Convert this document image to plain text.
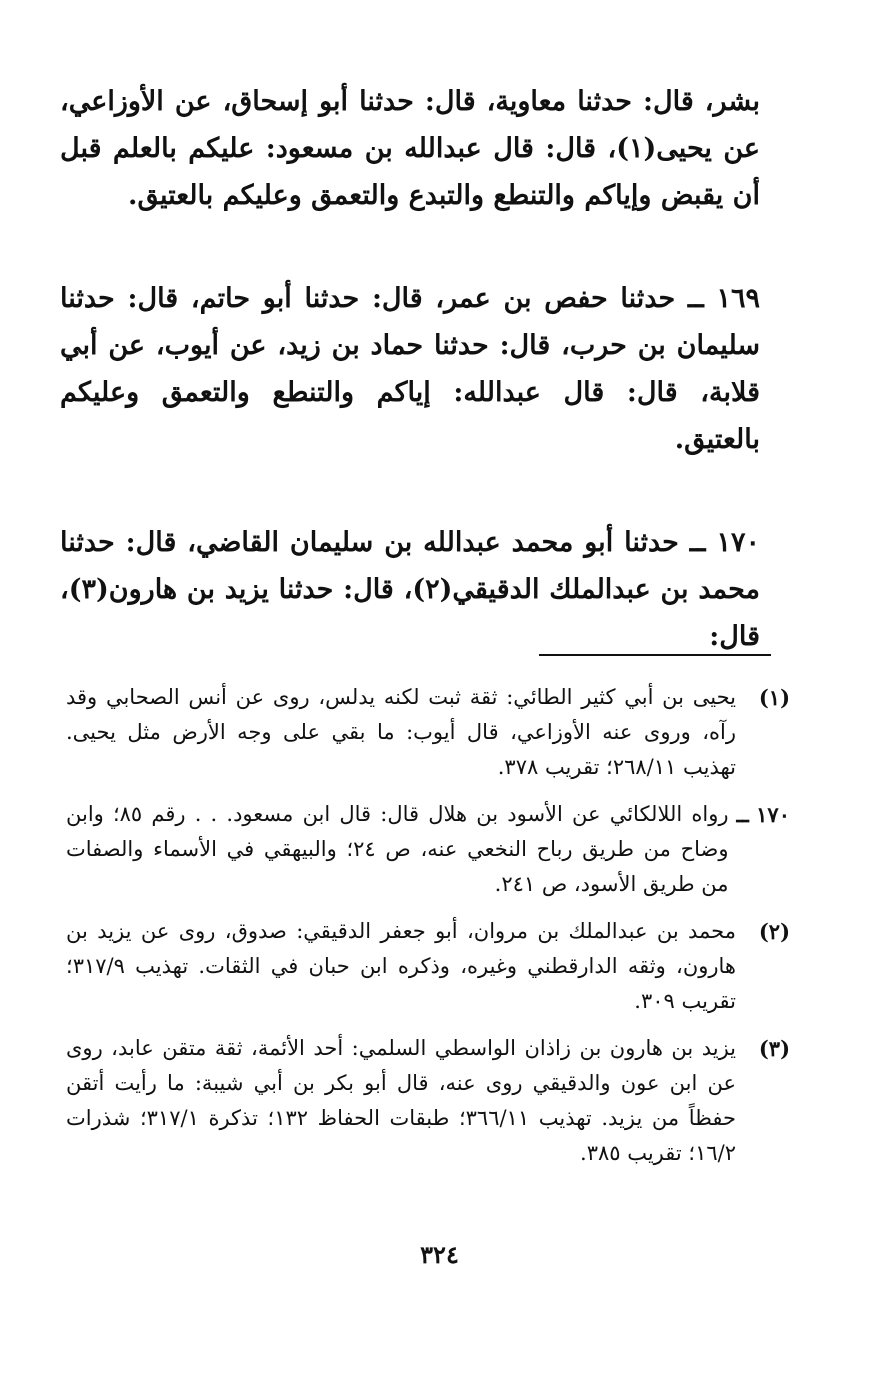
بشر، قال: حدثنا معاوية، قال: حدثنا أبو إسحاق، عن الأوزاعي، عن يحيى(١)، قال: قال عبدالله بن مسعود: عليكم بالعلم قبل أن يقبض وإياكم والتنطع والتبدع والتعمق وعليكم بالعتيق.

١٦٩ ــ حدثنا حفص بن عمر، قال: حدثنا أبو حاتم، قال: حدثنا سليمان بن حرب، قال: حدثنا حماد بن زيد، عن أيوب، عن أبي قلابة، قال: قال عبدالله: إياكم والتنطع والتعمق وعليكم بالعتيق.

١٧٠ ــ حدثنا أبو محمد عبدالله بن سليمان القاضي، قال: حدثنا محمد بن عبدالملك الدقيقي(٢)، قال: حدثنا يزيد بن هارون(٣)، قال:

(١)
يحيى بن أبي كثير الطائي: ثقة ثبت لكنه يدلس، روى عن أنس الصحابي وقد رآه، وروى عنه الأوزاعي، قال أيوب: ما بقي على وجه الأرض مثل يحيى. تهذيب ٢٦٨/١١؛ تقريب ٣٧٨.
١٧٠ ــ
رواه اللالكائي عن الأسود بن هلال قال: قال ابن مسعود. . . رقم ٨٥؛ وابن وضاح من طريق رباح النخعي عنه، ص ٢٤؛ والبيهقي في الأسماء والصفات من طريق الأسود، ص ٢٤١.
(٢)
محمد بن عبدالملك بن مروان، أبو جعفر الدقيقي: صدوق، روى عن يزيد بن هارون، وثقه الدارقطني وغيره، وذكره ابن حبان في الثقات. تهذيب ٣١٧/٩؛ تقريب ٣٠٩.
(٣)
يزيد بن هارون بن زاذان الواسطي السلمي: أحد الأئمة، ثقة متقن عابد، روى عن ابن عون والدقيقي روى عنه، قال أبو بكر بن أبي شيبة: ما رأيت أتقن حفظاً من يزيد. تهذيب ٣٦٦/١١؛ طبقات الحفاظ ١٣٢؛ تذكرة ٣١٧/١؛ شذرات ١٦/٢؛ تقريب ٣٨٥.
٣٢٤
